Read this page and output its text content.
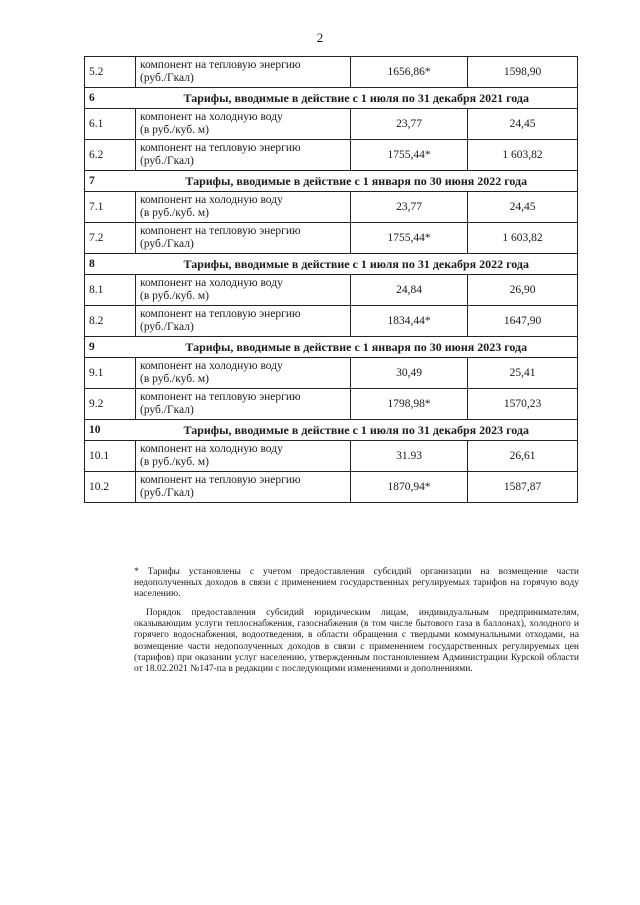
2
5.2	компонент на тепловую энергию
(руб./Гкал)	1656,86*	1598,90
6	Тарифы, вводимые в действие с 1 июля по 31 декабря 2021 года		
6.1	компонент на холодную воду
(в руб./куб. м)	23,77	24,45
6.2	компонент на тепловую энергию
(руб./Гкал)	1755,44*	1 603,82
7	Тарифы, вводимые в действие с 1 января по 30 июня 2022 года		
7.1	компонент на холодную воду
(в руб./куб. м)	23,77	24,45
7.2	компонент на тепловую энергию
(руб./Гкал)	1755,44*	1 603,82
8	Тарифы, вводимые в действие с 1 июля по 31 декабря 2022 года		
8.1	компонент на холодную воду
(в руб./куб. м)	24,84	26,90
8.2	компонент на тепловую энергию
(руб./Гкал)	1834,44*	1647,90
9	Тарифы, вводимые в действие с 1 января по 30 июня 2023 года		
9.1	компонент на холодную воду
(в руб./куб. м)	30,49	25,41
9.2	компонент на тепловую энергию
(руб./Гкал)	1798,98*	1570,23
10	Тарифы, вводимые в действие с 1 июля по 31 декабря 2023 года		
10.1	компонент на холодную воду
(в руб./куб. м)	31.93	26,61
10.2	компонент на тепловую энергию
(руб./Гкал)	1870,94*	1587,87
* Тарифы установлены с учетом предоставления субсидий организации на возмещение части недополученных доходов в связи с применением государственных регулируемых тарифов на горячую воду населению.
Порядок предоставления субсидий юридическим лицам, индивидуальным предпринимателям, оказывающим услуги теплоснабжения, газоснабжения (в том числе бытового газа в баллонах), холодного и горячего водоснабжения, водоотведения, в области обращения с твердыми коммунальными отходами, на возмещение части недополученных доходов в связи с применением государственных регулируемых цен (тарифов) при оказании услуг населению, утвержденным постановлением Администрации Курской области от 18.02.2021 №147-па в редакции с последующими изменениями и дополнениями.
